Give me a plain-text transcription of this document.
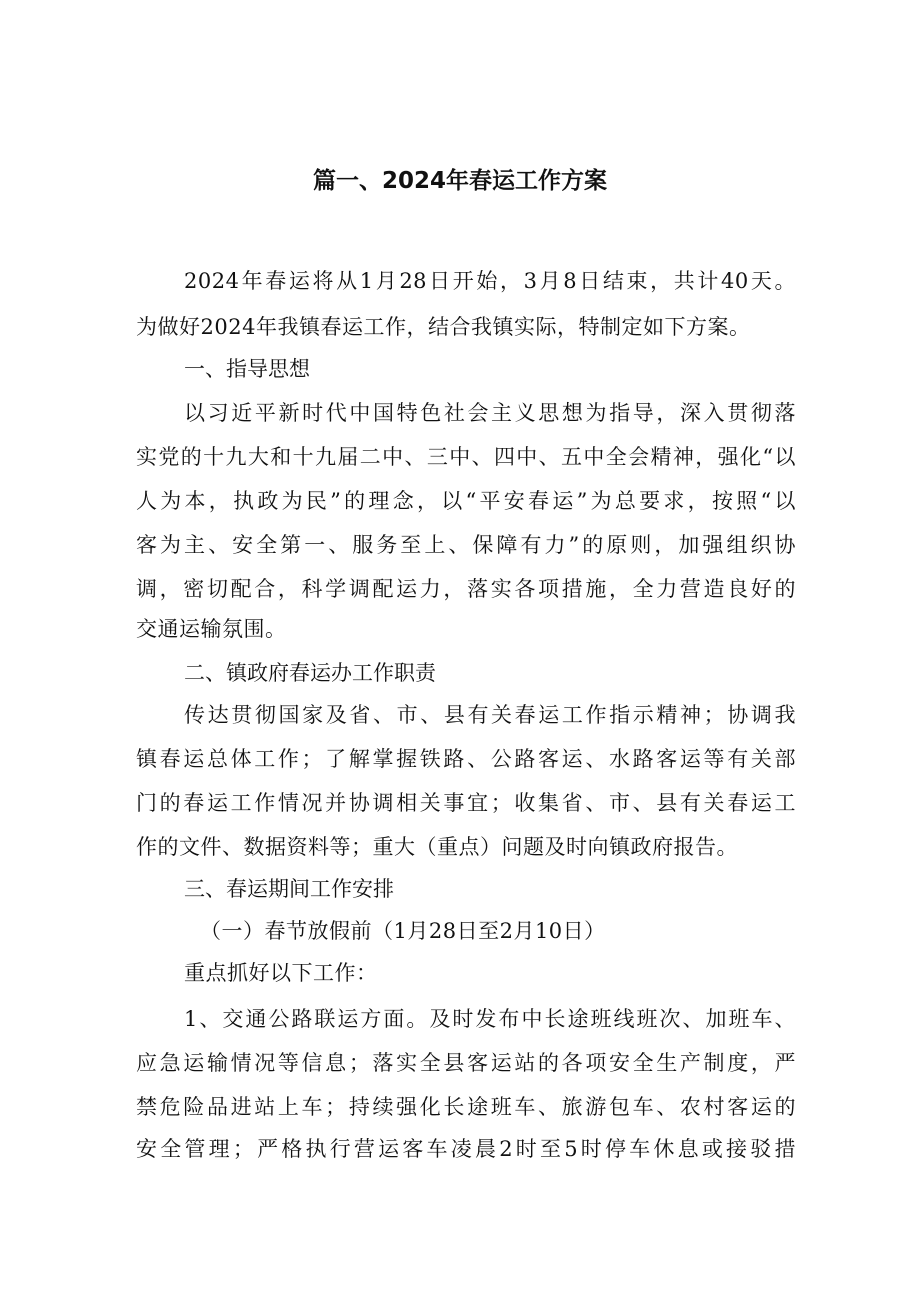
篇一、2024年春运工作方案
2024年春运将从1月28日开始，3月8日结束，共计40天。
为做好2024年我镇春运工作，结合我镇实际，特制定如下方案。
一、指导思想
以习近平新时代中国特色社会主义思想为指导，深入贯彻落
实党的十九大和十九届二中、三中、四中、五中全会精神，强化“以
人为本，执政为民”的理念，以“平安春运”为总要求，按照“以
客为主、安全第一、服务至上、保障有力”的原则，加强组织协
调，密切配合，科学调配运力，落实各项措施，全力营造良好的
交通运输氛围。
二、镇政府春运办工作职责
传达贯彻国家及省、市、县有关春运工作指示精神；协调我
镇春运总体工作；了解掌握铁路、公路客运、水路客运等有关部
门的春运工作情况并协调相关事宜；收集省、市、县有关春运工
作的文件、数据资料等；重大（重点）问题及时向镇政府报告。
三、春运期间工作安排
（一）春节放假前（1月28日至2月10日）
重点抓好以下工作：
1、交通公路联运方面。及时发布中长途班线班次、加班车、
应急运输情况等信息；落实全县客运站的各项安全生产制度，严
禁危险品进站上车；持续强化长途班车、旅游包车、农村客运的
安全管理；严格执行营运客车凌晨2时至5时停车休息或接驳措
